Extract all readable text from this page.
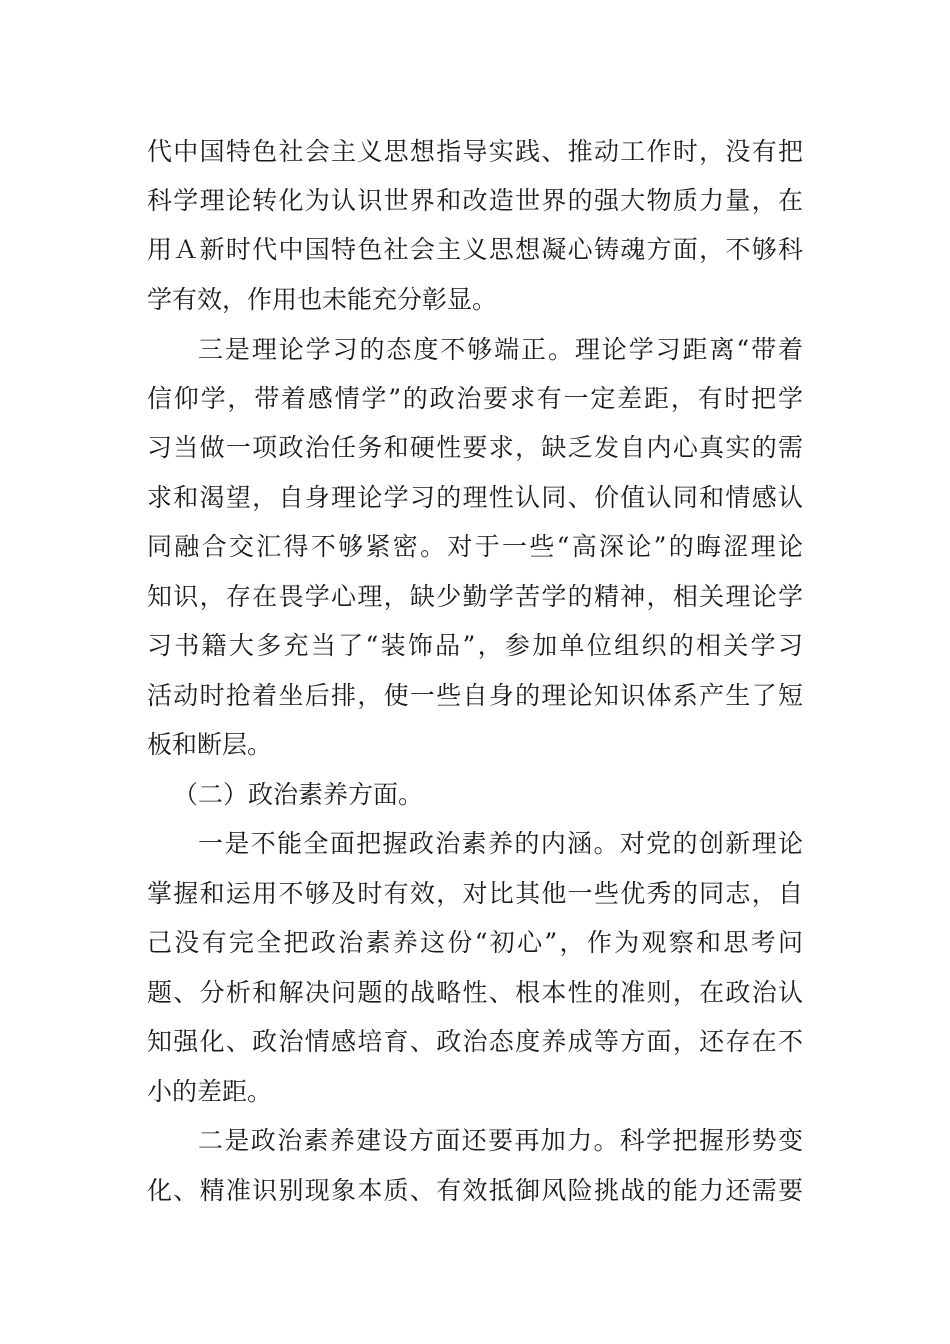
代中国特色社会主义思想指导实践、推动工作时，没有把
科学理论转化为认识世界和改造世界的强大物质力量，在
用Ａ新时代中国特色社会主义思想凝心铸魂方面，不够科
学有效，作用也未能充分彰显。
三是理论学习的态度不够端正。理论学习距离“带着
信仰学，带着感情学”的政治要求有一定差距，有时把学
习当做一项政治任务和硬性要求，缺乏发自内心真实的需
求和渴望，自身理论学习的理性认同、价值认同和情感认
同融合交汇得不够紧密。对于一些“高深论”的晦涩理论
知识，存在畏学心理，缺少勤学苦学的精神，相关理论学
习书籍大多充当了“装饰品”，参加单位组织的相关学习
活动时抢着坐后排，使一些自身的理论知识体系产生了短
板和断层。
（二）政治素养方面。
一是不能全面把握政治素养的内涵。对党的创新理论
掌握和运用不够及时有效，对比其他一些优秀的同志，自
己没有完全把政治素养这份“初心”，作为观察和思考问
题、分析和解决问题的战略性、根本性的准则，在政治认
知强化、政治情感培育、政治态度养成等方面，还存在不
小的差距。
二是政治素养建设方面还要再加力。科学把握形势变
化、精准识别现象本质、有效抵御风险挑战的能力还需要
